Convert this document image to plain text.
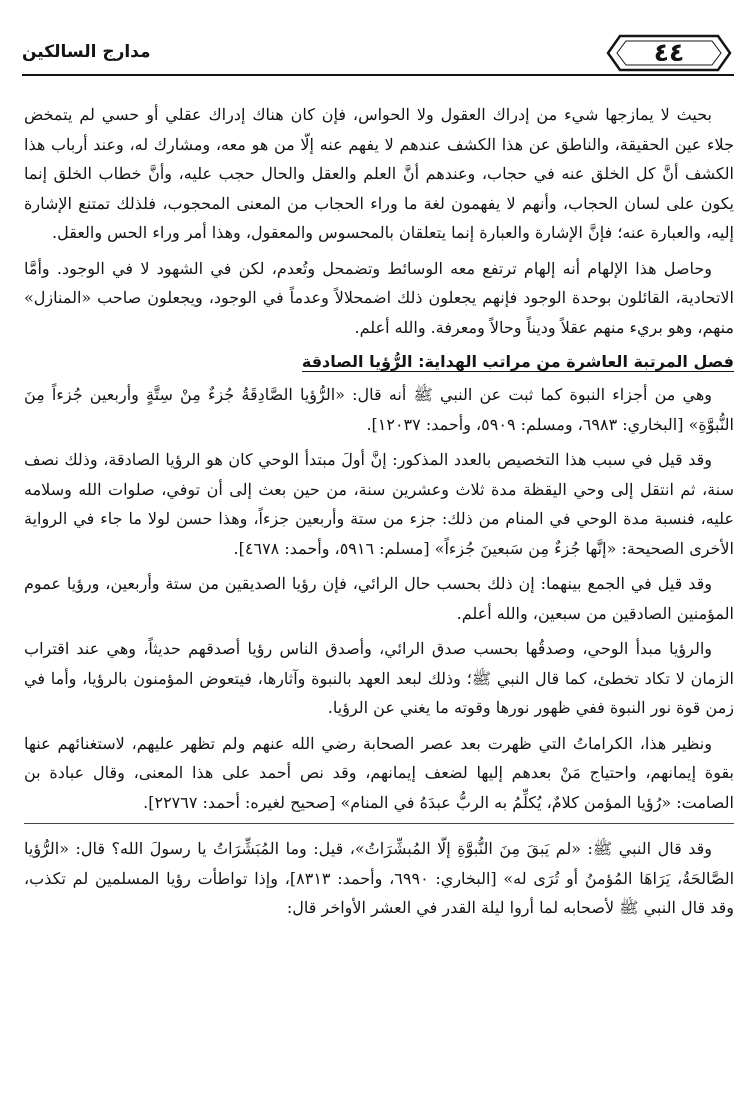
٤٤
مدارج السالكين

بحيث لا يمازجها شيء من إدراك العقول ولا الحواس، فإن كان هناك إدراك عقلي أو حسي لم يتمخض جلاء عين الحقيقة، والناطق عن هذا الكشف عندهم لا يفهم عنه إلّا من هو معه، ومشارك له، وعند أرباب هذا الكشف أنَّ كل الخلق عنه في حجاب، وعندهم أنَّ العلم والعقل والحال حجب عليه، وأنَّ خطاب الخلق إنما يكون على لسان الحجاب، وأنهم لا يفهمون لغة ما وراء الحجاب من المعنى المحجوب، فلذلك تمتنع الإشارة إليه، والعبارة عنه؛ فإنَّ الإشارة والعبارة إنما يتعلقان بالمحسوس والمعقول، وهذا أمر وراء الحس والعقل.

وحاصل هذا الإلهام أنه إلهام ترتفع معه الوسائط وتضمحل وتُعدم، لكن في الشهود لا في الوجود. وأمَّا الاتحادية، القائلون بوحدة الوجود فإنهم يجعلون ذلك اضمحلالاً وعدماً في الوجود، ويجعلون صاحب «المنازل» منهم، وهو بريء منهم عقلاً وديناً وحالاً ومعرفة. والله أعلم.

فصل المرتبة العاشرة من مراتب الهداية: الرُّؤيا الصادقة

وهي من أجزاء النبوة كما ثبت عن النبي ﷺ أنه قال: «الرُّؤيا الصَّادِقَةُ جُزءٌ مِنْ سِتَّةٍ وأربعين جُزءاً مِنَ النُّبوَّةِ» [البخاري: ٦٩٨٣، ومسلم: ٥٩٠٩، وأحمد: ١٢٠٣٧].

وقد قيل في سبب هذا التخصيص بالعدد المذكور: إنَّ أولَ مبتدأ الوحي كان هو الرؤيا الصادقة، وذلك نصف سنة، ثم انتقل إلى وحي اليقظة مدة ثلاث وعشرين سنة، من حين بعث إلى أن توفي، صلوات الله وسلامه عليه، فنسبة مدة الوحي في المنام من ذلك: جزء من ستة وأربعين جزءاً، وهذا حسن لولا ما جاء في الرواية الأخرى الصحيحة: «إنَّها جُزءٌ مِن سَبعينَ جُزءاً» [مسلم: ٥٩١٦، وأحمد: ٤٦٧٨].

وقد قيل في الجمع بينهما: إن ذلك بحسب حال الرائي، فإن رؤيا الصديقين من ستة وأربعين، ورؤيا عموم المؤمنين الصادقين من سبعين، والله أعلم.

والرؤيا مبدأ الوحي، وصدقُها بحسب صدق الرائي، وأصدق الناس رؤيا أصدقهم حديثاً، وهي عند اقتراب الزمان لا تكاد تخطئ، كما قال النبي ﷺ؛ وذلك لبعد العهد بالنبوة وآثارها، فيتعوض المؤمنون بالرؤيا، وأما في زمن قوة نور النبوة ففي ظهور نورها وقوته ما يغني عن الرؤيا.

ونظير هذا، الكراماتُ التي ظهرت بعد عصر الصحابة رضي الله عنهم ولم تظهر عليهم، لاستغنائهم عنها بقوة إيمانهم، واحتياج مَنْ بعدهم إليها لضعف إيمانهم، وقد نص أحمد على هذا المعنى، وقال عبادة بن الصامت: «رُؤيا المؤمن كلامٌ، يُكلِّمُ به الربُّ عبدَهُ في المنام» [صحيح لغيره: أحمد: ٢٢٧٦٧].

وقد قال النبي ﷺ: «لم يَبقَ مِنَ النُّبوَّةِ إلّا المُبشِّرَاتُ»، قيل: وما المُبَشِّرَاتُ يا رسولَ الله؟ قال: «الرُّؤيا الصَّالحَةُ، يَرَاهَا المُؤمنُ أو تُرَى له» [البخاري: ٦٩٩٠، وأحمد: ٨٣١٣]، وإذا تواطأت رؤيا المسلمين لم تكذب، وقد قال النبي ﷺ لأصحابه لما أروا ليلة القدر في العشر الأواخر قال:
